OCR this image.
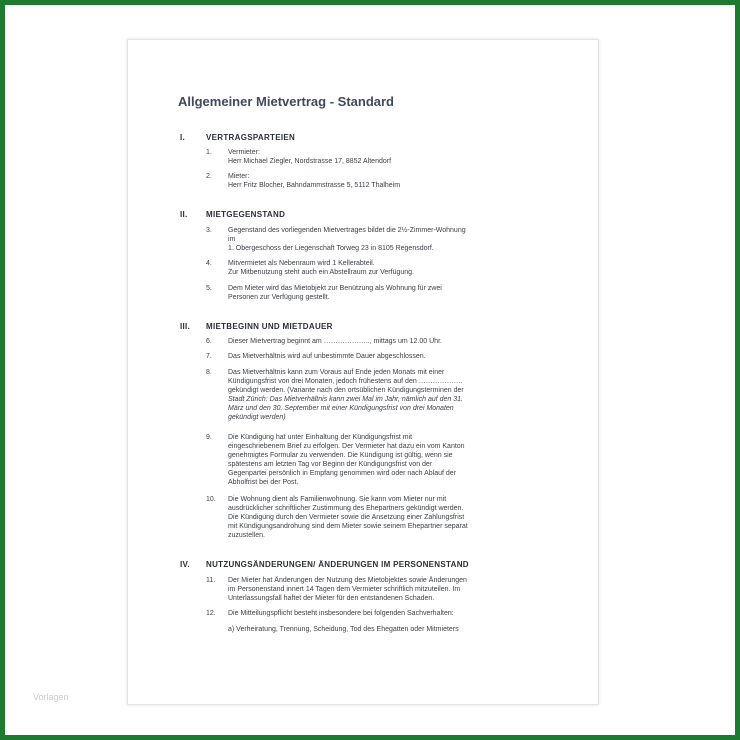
Allgemeiner Mietvertrag - Standard
I.	VERTRAGSPARTEIEN
1. Vermieter:
Herr Michael Ziegler, Nordstrasse 17, 8852 Altendorf
2. Mieter:
Herr Fritz Blocher, Bahndammstrasse 5, 5112 Thalheim
II. MIETGEGENSTAND
3. Gegenstand des vorliegenden Mietvertrages bildet die 2½-Zimmer-Wohnung
im
1. Obergeschoss der Liegenschaft Torweg 23 in 8105 Regensdorf.
4. Mitvermietet als Nebenraum wird 1 Kellerabteil.
Zur Mitbenutzung steht auch ein Abstellraum zur Verfügung.
5. Dem Mieter wird das Mietobjekt zur Benützung als Wohnung für zwei
Personen zur Verfügung gestellt.
III. MIETBEGINN UND MIETDAUER
6. Dieser Mietvertrag beginnt am ……………….., mittags um 12.00 Uhr.
7. Das Mietverhältnis wird auf unbestimmte Dauer abgeschlossen.
8. Das Mietverhältnis kann zum Voraus auf Ende jeden Monats mit einer
Kündigungsfrist von drei Monaten, jedoch frühestens auf den ……………….
gekündigt werden. (Variante nach den ortsüblichen Kündigungsterminen der
Stadt Zürich: Das Mietverhältnis kann zwei Mal im Jahr, nämlich auf den 31.
März und den 30. September mit einer Kündigungsfrist von drei Monaten
gekündigt werden)
9. Die Kündigung hat unter Einhaltung der Kündigungsfrist mit
eingeschriebenem Brief zu erfolgen. Der Vermieter hat dazu ein vom Kanton
genehmigtes Formular zu verwenden. Die Kündigung ist gültig, wenn sie
spätestens am letzten Tag vor Beginn der Kündigungsfrist von der
Gegenpartei persönlich in Empfang genommen wird oder nach Ablauf der
Abholfrist bei der Post.
10. Die Wohnung dient als Familienwohnung. Sie kann vom Mieter nur mit
ausdrücklicher schriftlicher Zustimmung des Ehepartners gekündigt werden.
Die Kündigung durch den Vermieter sowie die Ansetzung einer Zahlungsfrist
mit Kündigungsandrohung sind dem Mieter sowie seinem Ehepartner separat
zuzustellen.
IV. NUTZUNGSÄNDERUNGEN/ ÄNDERUNGEN IM PERSONENSTAND
11. Der Mieter hat Änderungen der Nutzung des Mietobjektes sowie Änderungen
im Personenstand innert 14 Tagen dem Vermieter schriftlich mitzuteilen. Im
Unterlassungsfall haftet der Mieter für den entstandenen Schaden.
12. Die Mitteilungspflicht besteht insbesondere bei folgenden Sachverhalten:
a) Verheiratung, Trennung, Scheidung, Tod des Ehegatten oder Mitmieters
Vorlagen
